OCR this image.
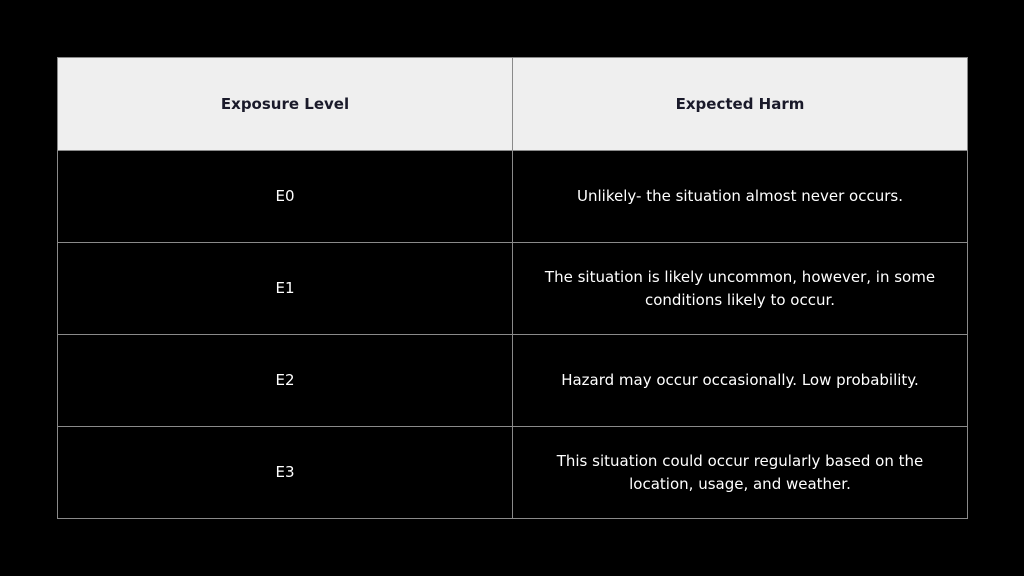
Exposure Level	Expected Harm
E0	Unlikely- the situation almost never occurs.
E1	The situation is likely uncommon, however, in some conditions likely to occur.
E2	Hazard may occur occasionally. Low probability.
E3	This situation could occur regularly based on the location, usage, and weather.
